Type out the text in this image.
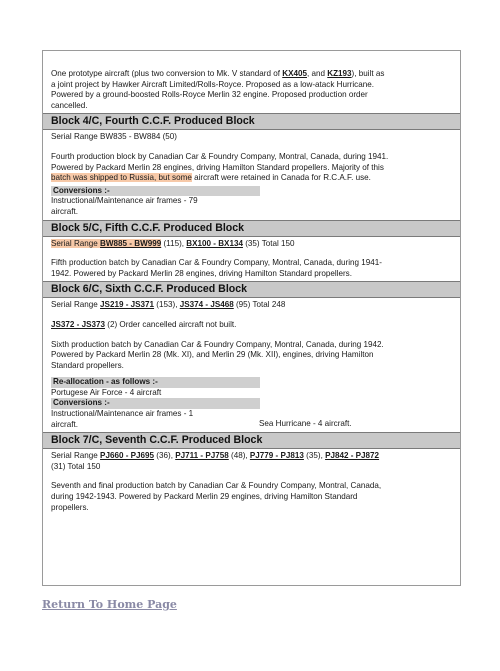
One prototype aircraft (plus two conversion to Mk. V standard of KX405, and KZ193), built as

a joint project by Hawker Aircraft Limited/Rolls-Royce. Proposed as a low-atack Hurricane.

Powered by a ground-boosted Rolls-Royce Merlin 32 engine. Proposed production order

cancelled.

Block 4/C, Fourth C.C.F. Produced Block

Serial Range BW835 - BW884 (50)

Fourth production block by Canadian Car & Foundry Company, Montral, Canada, during 1941.

Powered by Packard Merlin 28 engines, driving Hamilton Standard propellers. Majority of this

batch was shipped to Russia, but some aircraft were retained in Canada for R.C.A.F. use.

Conversions :-

Instructional/Maintenance air frames - 79

aircraft.

Block 5/C, Fifth C.C.F. Produced Block

Serial Range BW885 - BW999 (115), BX100 - BX134 (35) Total 150

Fifth production batch by Canadian Car & Foundry Company, Montral, Canada, during 1941-

1942. Powered by Packard Merlin 28 engines, driving Hamilton Standard propellers.

Block 6/C, Sixth C.C.F. Produced Block

Serial Range JS219 - JS371 (153), JS374 - JS468 (95) Total 248

JS372 - JS373 (2) Order cancelled aircraft not built.

Sixth production batch by Canadian Car & Foundry Company, Montral, Canada, during 1942.

Powered by Packard Merlin 28 (Mk. XI), and Merlin 29 (Mk. XII), engines, driving Hamilton

Standard propellers.

Re-allocation - as follows :-

Portugese Air Force - 4 aircraft

Conversions :-

Instructional/Maintenance air frames - 1

aircraft.	Sea Hurricane - 4 aircraft.
Block 7/C, Seventh C.C.F. Produced Block

Serial Range PJ660 - PJ695 (36), PJ711 - PJ758 (48), PJ779 - PJ813 (35), PJ842 - PJ872

(31) Total 150

Seventh and final production batch by Canadian Car & Foundry Company, Montral, Canada,

during 1942-1943. Powered by Packard Merlin 29 engines, driving Hamilton Standard

propellers.

Return To Home Page
